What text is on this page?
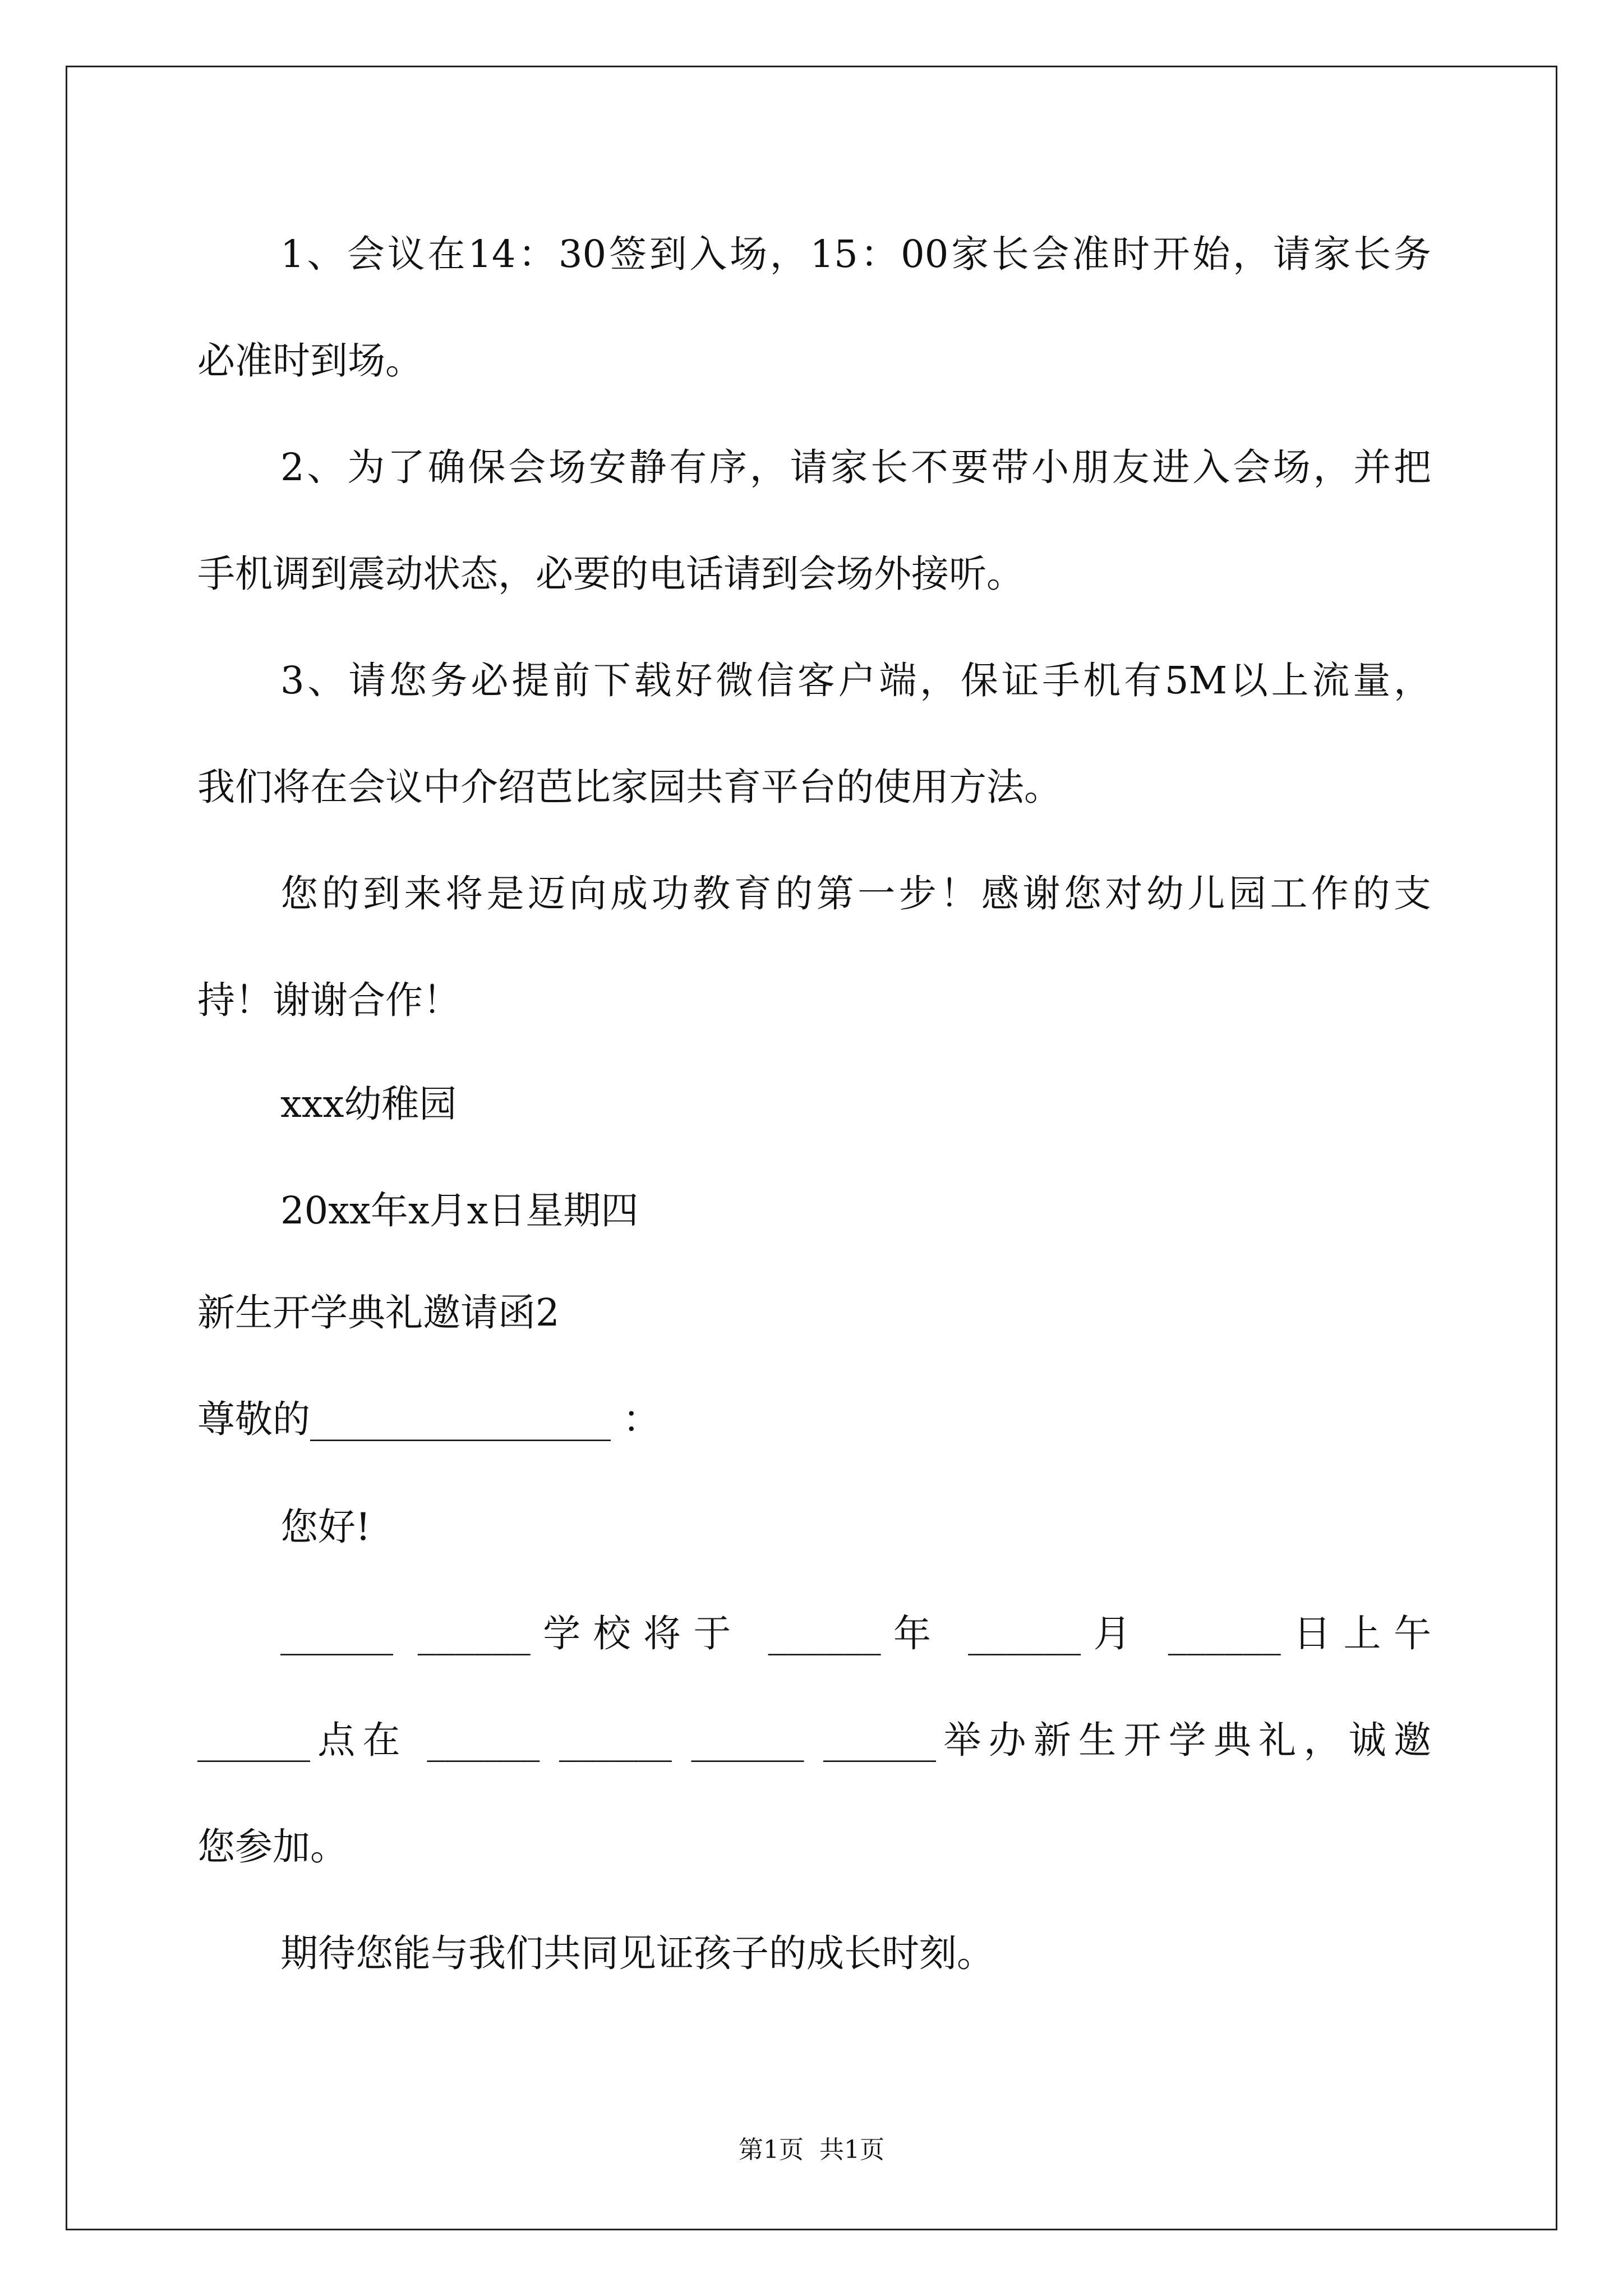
1、会议在14：30签到入场，15：00家长会准时开始，请家长务
必准时到场。
2、为了确保会场安静有序，请家长不要带小朋友进入会场，并把
手机调到震动状态，必要的电话请到会场外接听。
3、请您务必提前下载好微信客户端，保证手机有5M以上流量，
我们将在会议中介绍芭比家园共育平台的使用方法。
您的到来将是迈向成功教育的第一步！感谢您对幼儿园工作的支
持！谢谢合作！
xxx幼稚园
20xx年x月x日星期四
新生开学典礼邀请函2
尊敬的________________ ：
您好!
______ ______学校将于 ______年 ______月 ______日上午
______点在 ______ ______ ______ ______举办新生开学典礼，诚邀
您参加。
期待您能与我们共同见证孩子的成长时刻。
第1页  共1页
